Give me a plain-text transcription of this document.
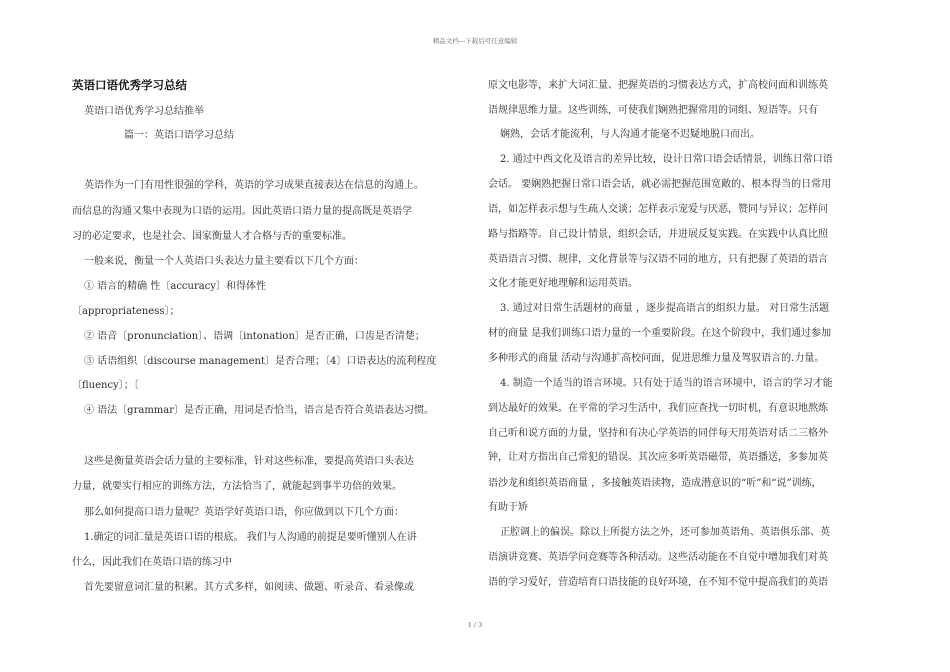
精品文档---下载后可任意编辑
英语口语优秀学习总结
英语口语优秀学习总结推举
篇一：英语口语学习总结
英语作为一门有用性很强的学科，英语的学习成果直接表达在信息的沟通上。
而信息的沟通又集中表现为口语的运用。因此英语口语力量的提高既是英语学
习的必定要求，也是社会、国家衡量人才合格与否的重要标准。
一般来说，衡量一个人英语口头表达力量主要看以下几个方面：
① 语言的精确 性〔accuracy〕和得体性
〔appropriateness〕；
② 语音〔pronunciation〕、语调〔intonation〕是否正确，口齿是否清楚；
③ 话语组织〔discourse management〕是否合理；〔4〕口语表达的流利程度
〔fluency〕；〔
④ 语法〔grammar〕是否正确，用词是否恰当，语言是否符合英语表达习惯。
这些是衡量英语会话力量的主要标准，针对这些标准，要提高英语口头表达
力量，就要实行相应的训练方法，方法恰当了，就能起到事半功倍的效果。
那么如何提高口语力量呢？英语学好英语口语，你应做到以下几个方面：
1.确定的词汇量是英语口语的根底。 我们与人沟通的前提是要听懂别人在讲
什么，因此我们在英语口语的练习中
首先要留意词汇量的积累。其方式多样，如阅读、做题、听录音、看录像或
原文电影等，来扩大词汇量、把握英语的习惯表达方式，扩高校问面和训练英
语规律思维力量。这些训练，可使我们娴熟把握常用的词组、短语等。只有
娴熟，会话才能流利，与人沟通才能毫不迟疑地脱口而出。
2. 通过中西文化及语言的差异比较，设计日常口语会话情景，训练日常口语
会话。 要娴熟把握日常口语会话，就必需把握范围宽敞的、根本得当的日常用
语，如怎样表示想与生疏人交谈；怎样表示宠爱与厌恶，赞同与异议；怎样问
路与指路等。自己设计情景，组织会话，并进展反复实践。在实践中认真比照
英语语言习惯、规律，文化背景等与汉语不同的地方，只有把握了英语的语言
文化才能更好地理解和运用英语。
3. 通过对日常生活题材的商量 ，逐步提高语言的组织力量。 对日常生活题
材的商量 是我们训练口语力量的一个重要阶段。在这个阶段中，我们通过参加
多种形式的商量 活动与沟通扩高校问面，促进思维力量及驾驭语言的.力量。
4. 制造一个适当的语言环境。只有处于适当的语言环境中，语言的学习才能
到达最好的效果。在平常的学习生活中，我们应查找一切时机，有意识地熬炼
自己听和说方面的力量，坚持和有决心学英语的同伴每天用英语对话二三格外
钟，让对方指出自己常犯的错误。其次应多听英语磁带，英语播送，多参加英
语沙龙和组织英语商量 ，多接触英语读物，造成潜意识的“听”和“说”训练，
有助于矫
正腔调上的偏误。除以上所提方法之外，还可参加英语角、英语俱乐部、英
语演讲竞赛、英语学问竞赛等各种活动。这些活动能在不自觉中增加我们对英
语的学习爱好，营造培育口语技能的良好环境，在不知不觉中提高我们的英语
1 / 3
